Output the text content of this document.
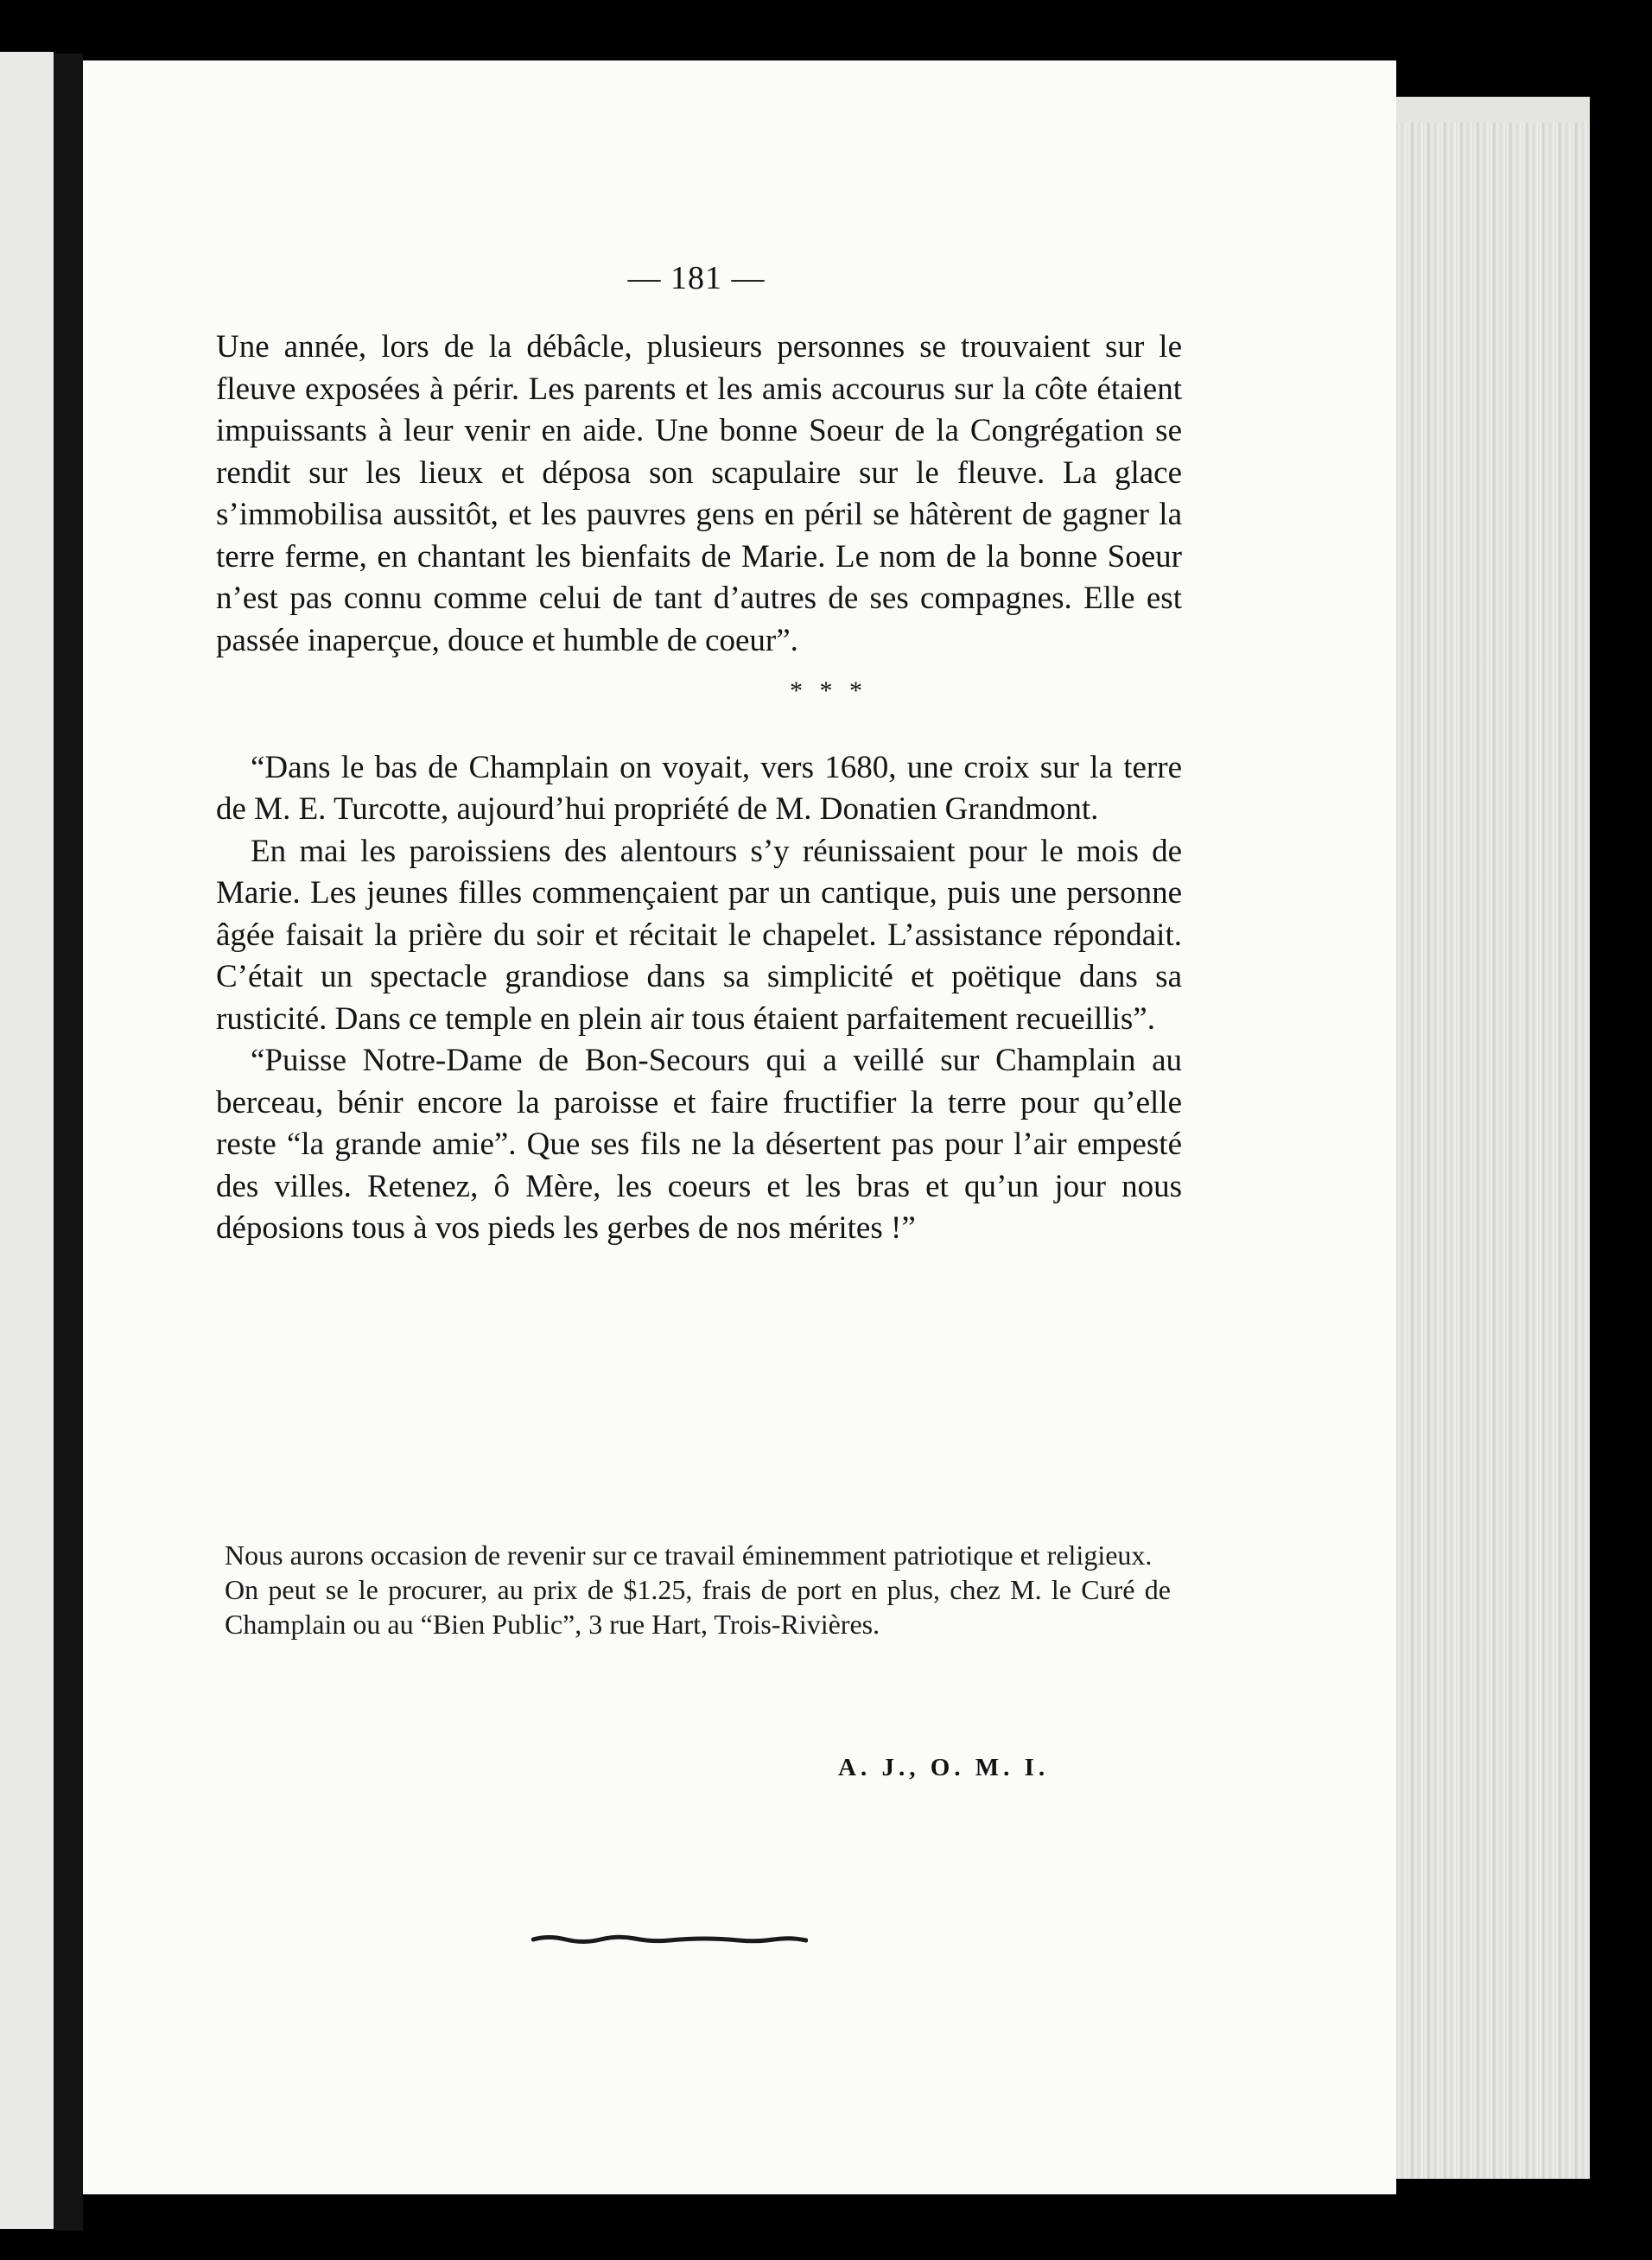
— 181 —

Une année, lors de la débâcle, plusieurs personnes se trouvaient sur le fleuve exposées à périr. Les parents et les amis accourus sur la côte étaient impuissants à leur venir en aide. Une bonne Soeur de la Congrégation se rendit sur les lieux et déposa son scapulaire sur le fleuve. La glace s’immobilisa aussitôt, et les pauvres gens en péril se hâtèrent de gagner la terre ferme, en chantant les bienfaits de Marie. Le nom de la bonne Soeur n’est pas connu comme celui de tant d’autres de ses compagnes. Elle est passée inaperçue, douce et humble de coeur”.

* * *

“Dans le bas de Champlain on voyait, vers 1680, une croix sur la terre de M. E. Turcotte, aujourd’hui propriété de M. Donatien Grandmont.

En mai les paroissiens des alentours s’y réunissaient pour le mois de Marie. Les jeunes filles commençaient par un cantique, puis une personne âgée faisait la prière du soir et récitait le chapelet. L’assistance répondait. C’était un spectacle grandiose dans sa simplicité et poëtique dans sa rusticité. Dans ce temple en plein air tous étaient parfaitement recueillis”.

“Puisse Notre-Dame de Bon-Secours qui a veillé sur Champlain au berceau, bénir encore la paroisse et faire fructifier la terre pour qu’elle reste “la grande amie”. Que ses fils ne la désertent pas pour l’air empesté des villes. Retenez, ô Mère, les coeurs et les bras et qu’un jour nous déposions tous à vos pieds les gerbes de nos mérites !”

Nous aurons occasion de revenir sur ce travail éminemment patriotique et religieux.

On peut se le procurer, au prix de $1.25, frais de port en plus, chez M. le Curé de Champlain ou au “Bien Public”, 3 rue Hart, Trois-Rivières.

A. J., O. M. I.
